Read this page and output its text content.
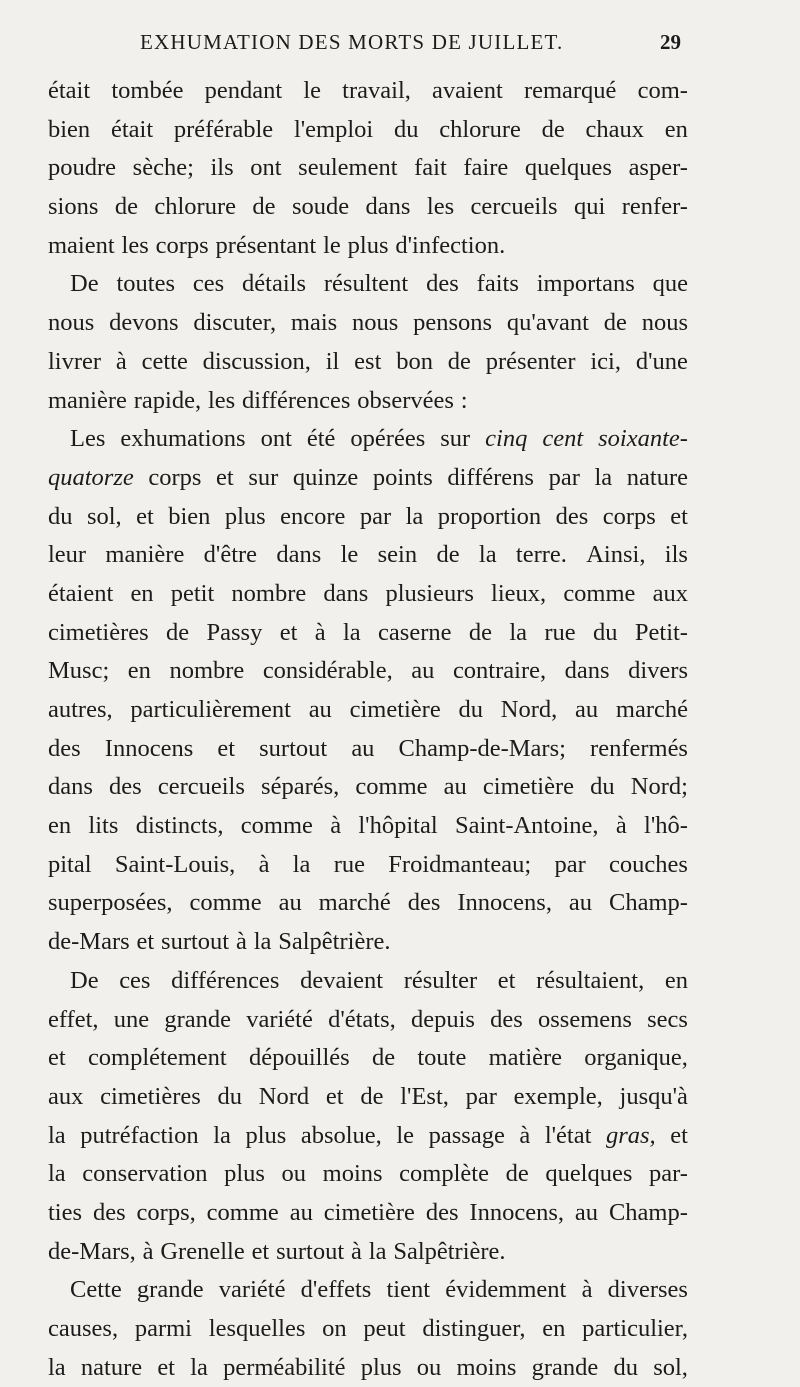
EXHUMATION DES MORTS DE JUILLET.	29
était tombée pendant le travail, avaient remarqué com-
bien était préférable l'emploi du chlorure de chaux en
poudre sèche; ils ont seulement fait faire quelques asper-
sions de chlorure de soude dans les cercueils qui renfer-
maient les corps présentant le plus d'infection.
De toutes ces détails résultent des faits importans que
nous devons discuter, mais nous pensons qu'avant de nous
livrer à cette discussion, il est bon de présenter ici, d'une
manière rapide, les différences observées :
Les exhumations ont été opérées sur cinq cent soixante-
quatorze corps et sur quinze points différens par la nature
du sol, et bien plus encore par la proportion des corps et
leur manière d'être dans le sein de la terre. Ainsi, ils
étaient en petit nombre dans plusieurs lieux, comme aux
cimetières de Passy et à la caserne de la rue du Petit-
Musc; en nombre considérable, au contraire, dans divers
autres, particulièrement au cimetière du Nord, au marché
des Innocens et surtout au Champ-de-Mars; renfermés
dans des cercueils séparés, comme au cimetière du Nord;
en lits distincts, comme à l'hôpital Saint-Antoine, à l'hô-
pital Saint-Louis, à la rue Froidmanteau; par couches
superposées, comme au marché des Innocens, au Champ-
de-Mars et surtout à la Salpêtrière.
De ces différences devaient résulter et résultaient, en
effet, une grande variété d'états, depuis des ossemens secs
et complétement dépouillés de toute matière organique,
aux cimetières du Nord et de l'Est, par exemple, jusqu'à
la putréfaction la plus absolue, le passage à l'état gras, et
la conservation plus ou moins complète de quelques par-
ties des corps, comme au cimetière des Innocens, au Champ-
de-Mars, à Grenelle et surtout à la Salpêtrière.
Cette grande variété d'effets tient évidemment à diverses
causes, parmi lesquelles on peut distinguer, en particulier,
la nature et la perméabilité plus ou moins grande du sol,
